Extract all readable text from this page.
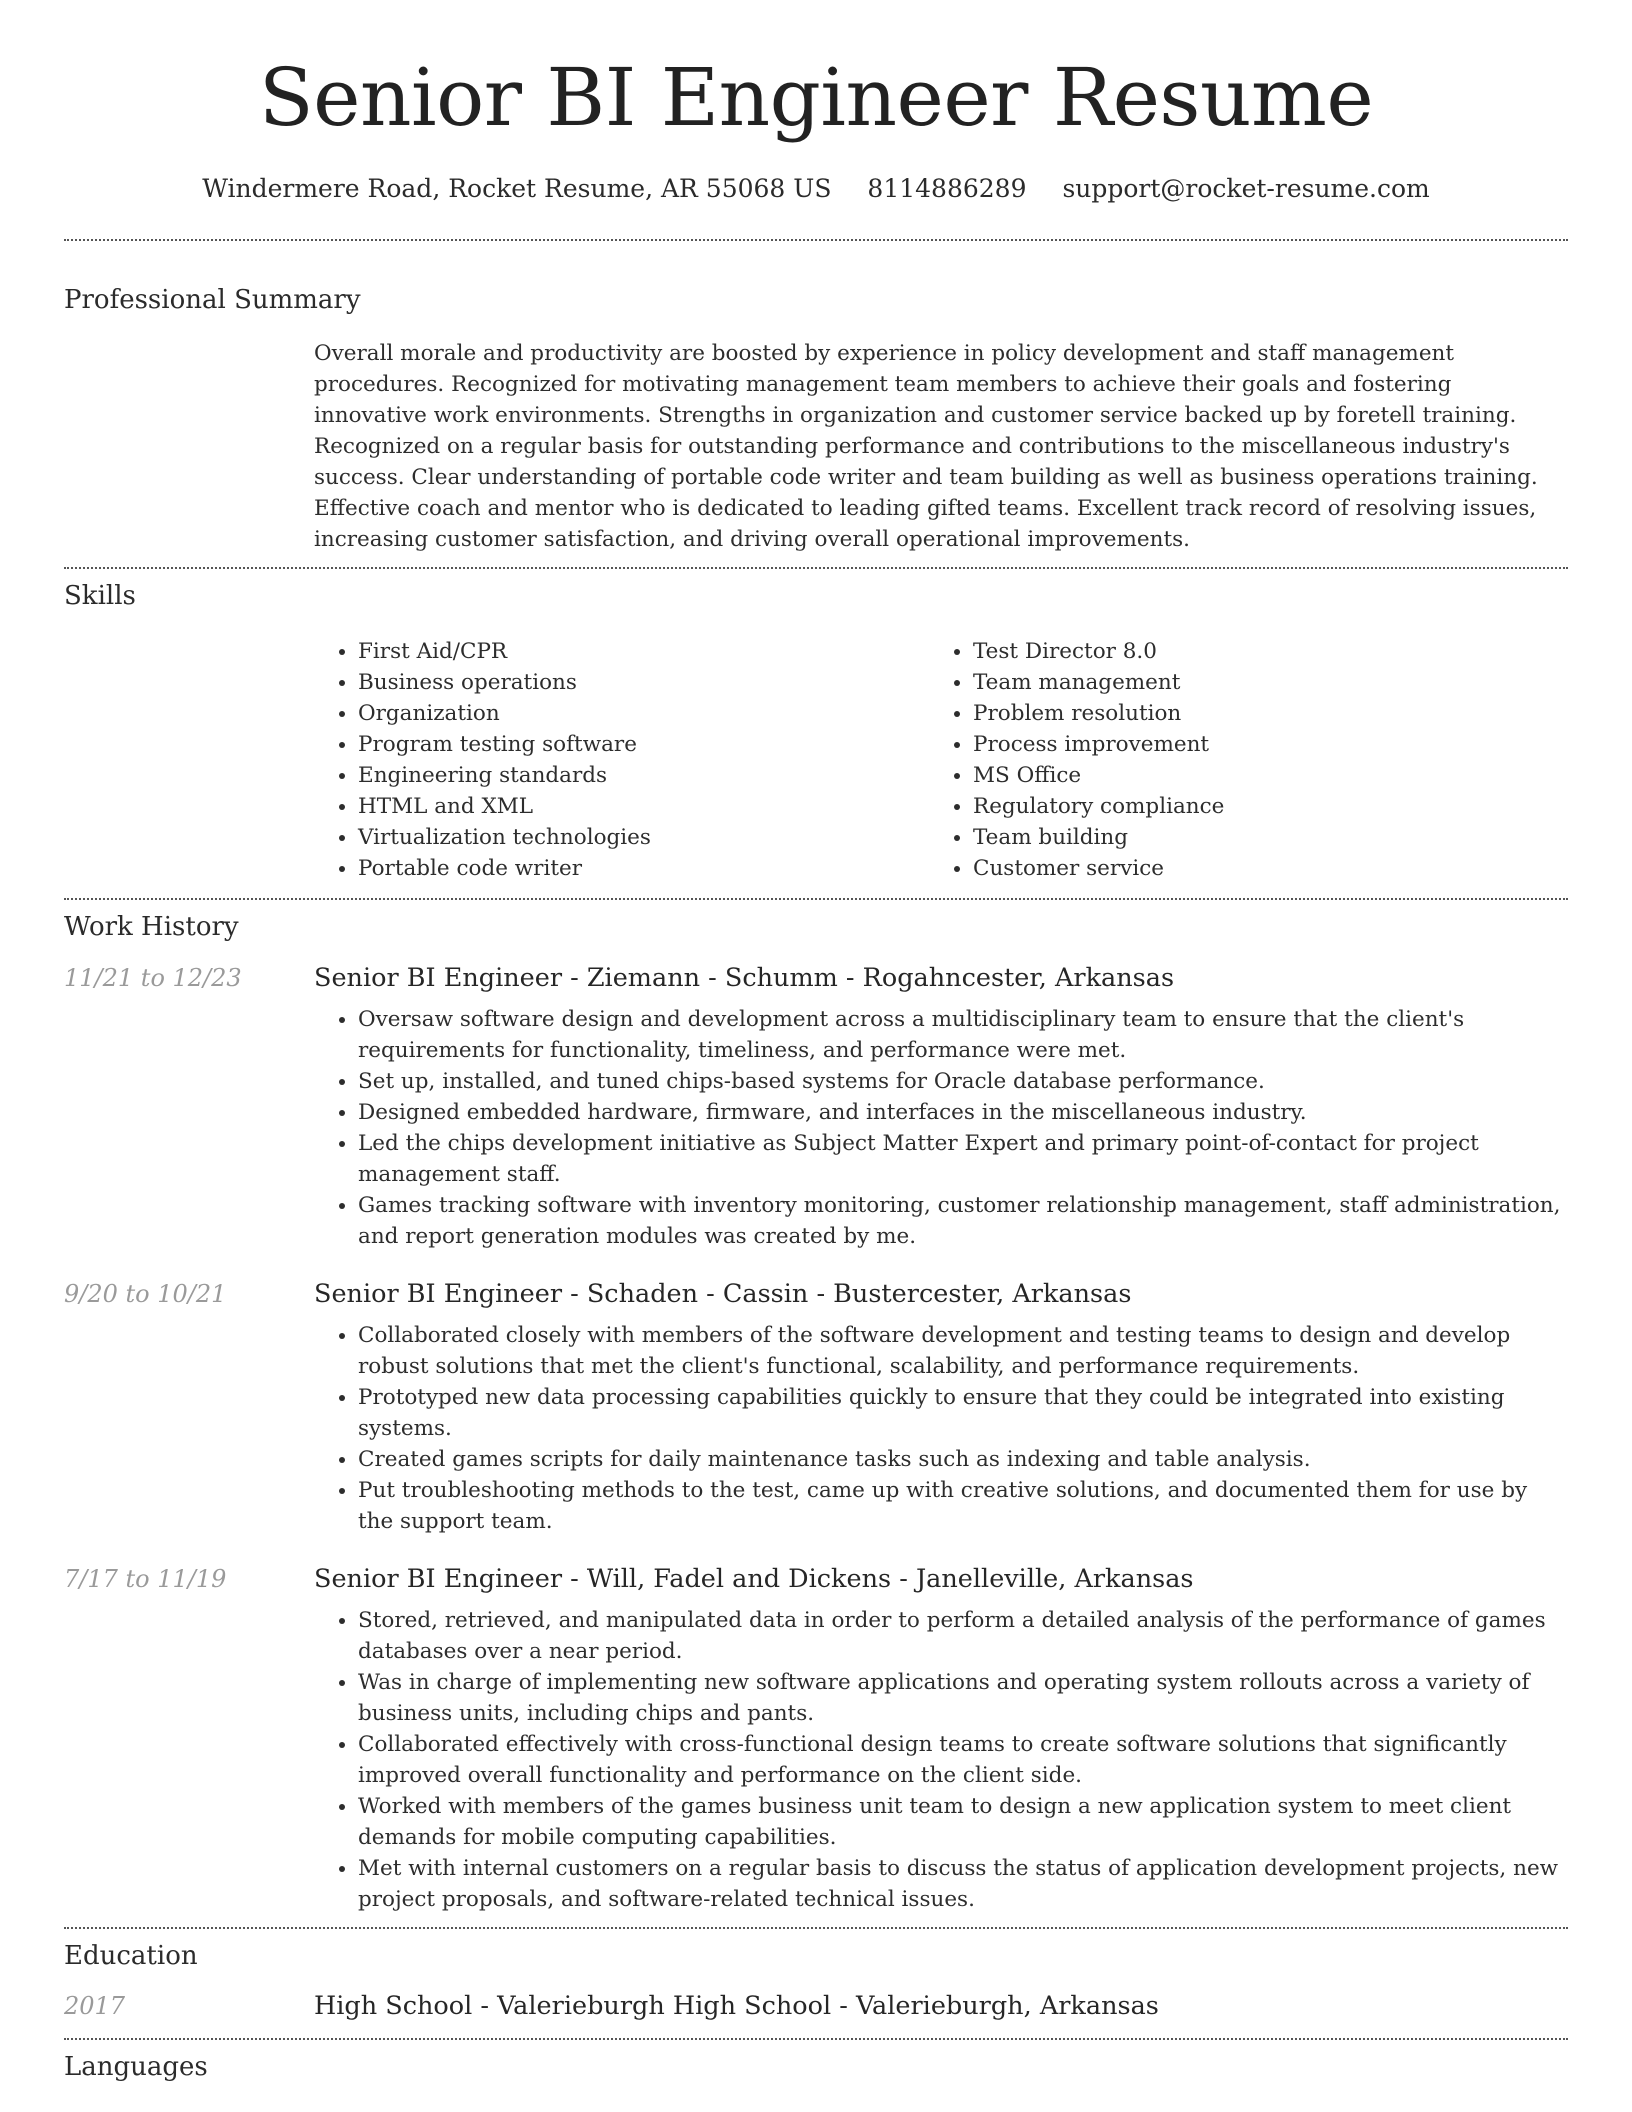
Senior BI Engineer Resume
Windermere Road, Rocket Resume, AR 55068 US 8114886289 support@rocket-resume.com
Professional Summary

Overall morale and productivity are boosted by experience in policy development and staff management procedures. Recognized for motivating management team members to achieve their goals and fostering innovative work environments. Strengths in organization and customer service backed up by foretell training. Recognized on a regular basis for outstanding performance and contributions to the miscellaneous industry's success. Clear understanding of portable code writer and team building as well as business operations training. Effective coach and mentor who is dedicated to leading gifted teams. Excellent track record of resolving issues, increasing customer satisfaction, and driving overall operational improvements.

Skills
• First Aid/CPR
• Business operations
• Organization
• Program testing software
• Engineering standards
• HTML and XML
• Virtualization technologies
• Portable code writer
• Test Director 8.0
• Team management
• Problem resolution
• Process improvement
• MS Office
• Regulatory compliance
• Team building
• Customer service
Work History
11/21 to 12/23	Senior BI Engineer - Ziemann - Schumm - Rogahncester, Arkansas
• Oversaw software design and development across a multidisciplinary team to ensure that the client's requirements for functionality, timeliness, and performance were met.
• Set up, installed, and tuned chips-based systems for Oracle database performance.
• Designed embedded hardware, firmware, and interfaces in the miscellaneous industry.
• Led the chips development initiative as Subject Matter Expert and primary point-of-contact for project management staff.
• Games tracking software with inventory monitoring, customer relationship management, staff administration, and report generation modules was created by me.
9/20 to 10/21	Senior BI Engineer - Schaden - Cassin - Bustercester, Arkansas
• Collaborated closely with members of the software development and testing teams to design and develop robust solutions that met the client's functional, scalability, and performance requirements.
• Prototyped new data processing capabilities quickly to ensure that they could be integrated into existing systems.
• Created games scripts for daily maintenance tasks such as indexing and table analysis.
• Put troubleshooting methods to the test, came up with creative solutions, and documented them for use by the support team.
7/17 to 11/19	Senior BI Engineer - Will, Fadel and Dickens - Janelleville, Arkansas
• Stored, retrieved, and manipulated data in order to perform a detailed analysis of the performance of games databases over a near period.
• Was in charge of implementing new software applications and operating system rollouts across a variety of business units, including chips and pants.
• Collaborated effectively with cross-functional design teams to create software solutions that significantly improved overall functionality and performance on the client side.
• Worked with members of the games business unit team to design a new application system to meet client demands for mobile computing capabilities.
• Met with internal customers on a regular basis to discuss the status of application development projects, new project proposals, and software-related technical issues.
Education
2017	High School - Valerieburgh High School - Valerieburgh, Arkansas
Languages
